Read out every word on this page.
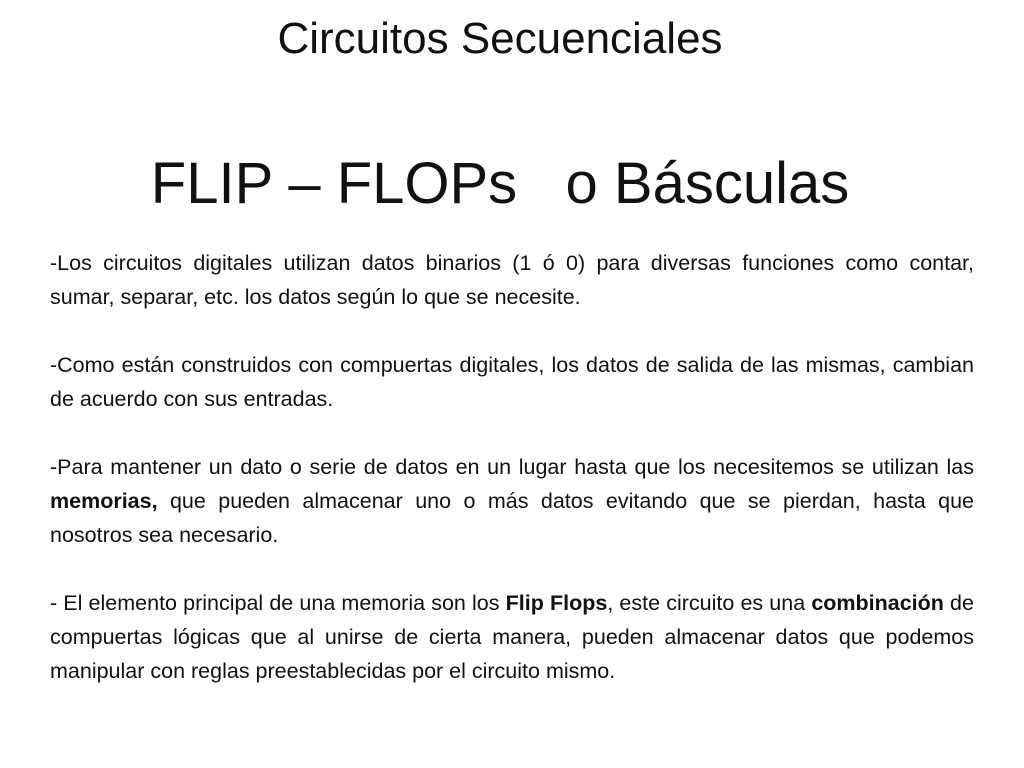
Circuitos Secuenciales
FLIP – FLOPs   o Básculas

-Los circuitos digitales utilizan datos binarios (1 ó 0) para diversas funciones como contar, sumar, separar, etc. los datos según lo que se necesite.

-Como están construidos con compuertas digitales, los datos de salida de las mismas, cambian de acuerdo con sus entradas.

-Para mantener un dato o serie de datos en un lugar hasta que los necesitemos se utilizan las memorias, que pueden almacenar uno o más datos evitando que se pierdan, hasta que nosotros sea necesario.

- El elemento principal de una memoria son los Flip Flops, este circuito es una combinación de compuertas lógicas que al unirse de cierta manera, pueden almacenar datos que podemos manipular con reglas preestablecidas por el circuito mismo.
